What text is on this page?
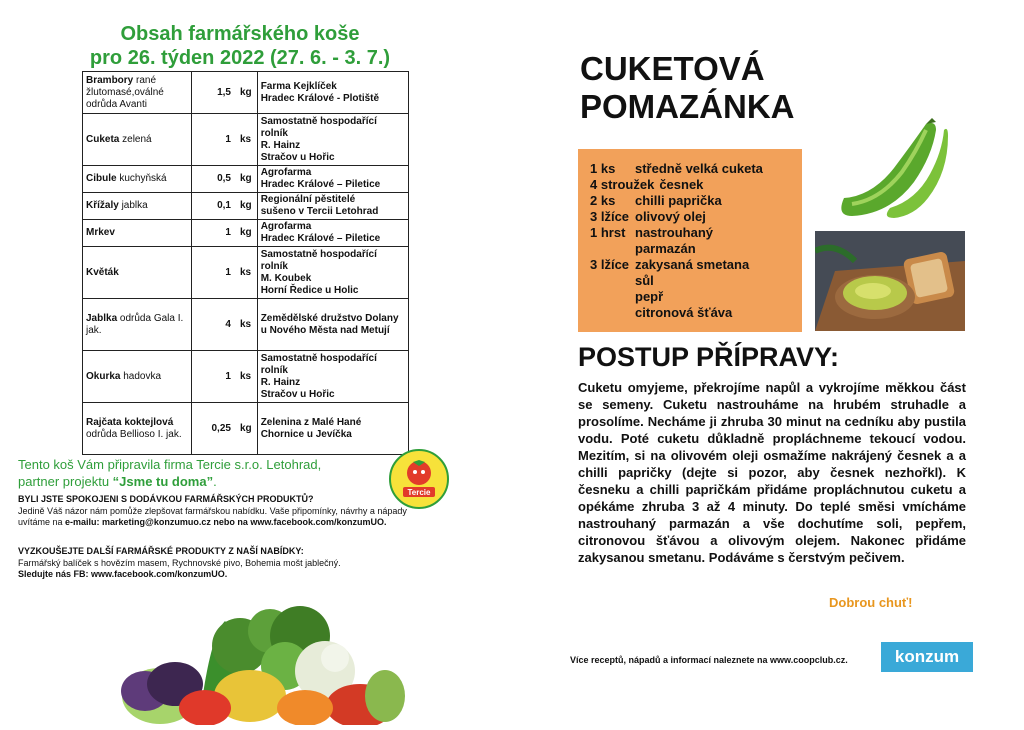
Obsah farmářského koše
pro 26. týden 2022 (27. 6. - 3. 7.)
Brambory rané žlutomasé,oválné odrůda Avanti	1,5	kg	Farma Kejklíček
Hradec Králové - Plotiště

Cuketa zelená	1	ks	Samostatně hospodařící rolník
R. Hainz
Stračov u Hořic

Cibule kuchyňská	0,5	kg	Agrofarma
Hradec Králové – Piletice

Křížaly jablka	0,1	kg	Regionální pěstitelé
sušeno v Tercii Letohrad

Mrkev	1	kg	Agrofarma
Hradec Králové – Piletice

Květák	1	ks	Samostatně hospodařící rolník
M. Koubek
Horní Ředice u Holic

Jablka odrůda Gala I. jak.	4	ks	Zemědělské družstvo Dolany
u Nového Města nad Metují

Okurka hadovka	1	ks	Samostatně hospodařící rolník
R. Hainz
Stračov u Hořic

Rajčata koktejlová odrůda Bellioso I. jak.	0,25	kg	Zelenina z Malé Hané
Chornice u Jevíčka
Tento koš Vám připravila firma Tercie s.r.o. Letohrad,
partner projektu “Jsme tu doma”.
Tercie
BYLI JSTE SPOKOJENI S DODÁVKOU FARMÁŘSKÝCH PRODUKTŮ?
Jedině Váš názor nám pomůže zlepšovat farmářskou nabídku. Vaše připomínky, návrhy a nápady
uvítáme na e-mailu: marketing@konzumuo.cz nebo na www.facebook.com/konzumUO.
VYZKOUŠEJTE DALŠÍ FARMÁŘSKÉ PRODUKTY Z NAŠÍ NABÍDKY:
Farmářský balíček s hovězím masem, Rychnovské pivo, Bohemia mošt jablečný.
Sledujte nás FB: www.facebook.com/konzumUO.
CUKETOVÁ
POMAZÁNKA
1 ks	středně velká cuketa
4 stroužek česnek
2 ks	chilli paprička
3 lžíce olivový olej
1 hrst nastrouhaný
parmazán
3 lžíce zakysaná smetana
sůl
pepř
citronová šťáva
POSTUP PŘÍPRAVY:
Cuketu omyjeme, překrojíme napůl a vykrojíme měkkou část se semeny. Cuketu nastrouháme na hrubém struhadle a prosolíme. Necháme ji zhruba 30 minut na cedníku aby pustila vodu. Poté cuketu důkladně propláchneme tekoucí vodou. Mezitím, si na olivovém oleji osmažíme nakrájený česnek a a chilli papričky (dejte si pozor, aby česnek nezhořkl). K česneku a chilli papričkám přidáme propláchnutou cuketu a opékáme zhruba 3 až 4 minuty. Do teplé směsi vmícháme nastrouhaný parmazán a vše dochutíme soli, pepřem, citronovou šťávou a olivovým olejem. Nakonec přidáme zakysanou smetanu. Podáváme s čerstvým pečivem.
Dobrou chuť!
Více receptů, nápadů a informací naleznete na www.coopclub.cz.	konzum
